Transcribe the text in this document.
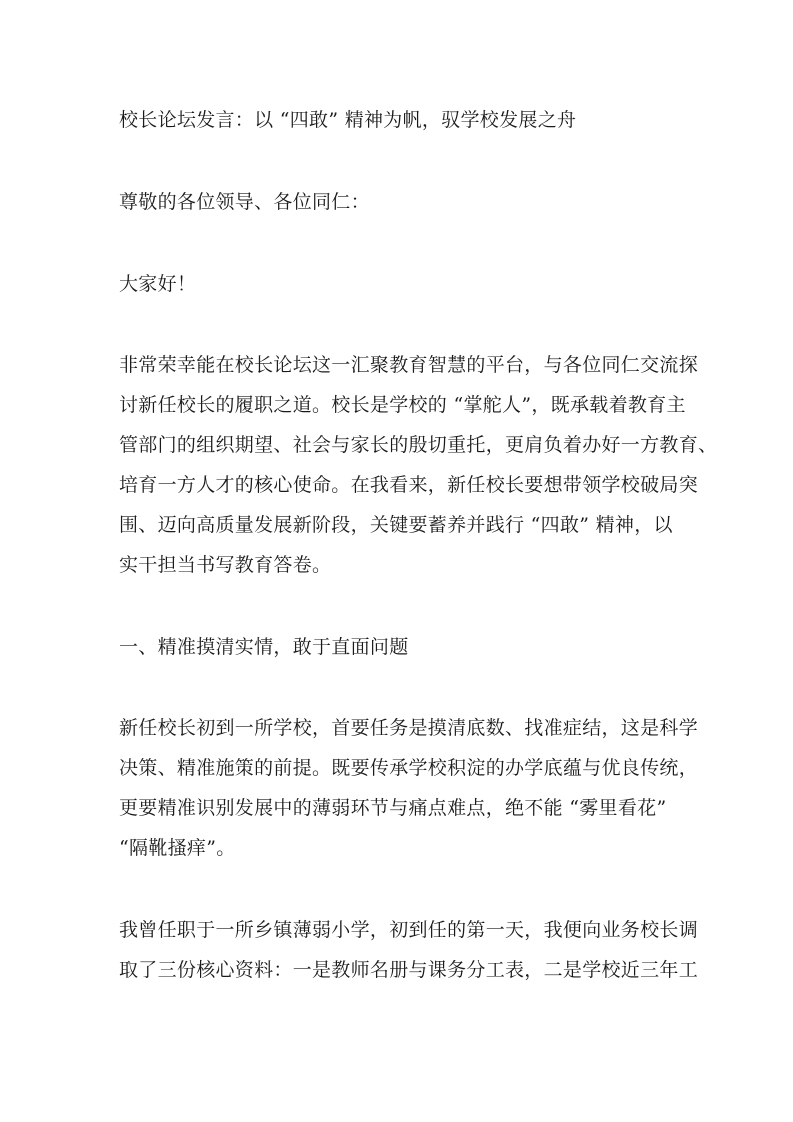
校长论坛发言：以 “四敢” 精神为帆，驭学校发展之舟
尊敬的各位领导、各位同仁：
大家好！
非常荣幸能在校长论坛这一汇聚教育智慧的平台，与各位同仁交流探
讨新任校长的履职之道。校长是学校的 “掌舵人”，既承载着教育主
管部门的组织期望、社会与家长的殷切重托，更肩负着办好一方教育、
培育一方人才的核心使命。在我看来，新任校长要想带领学校破局突
围、迈向高质量发展新阶段，关键要蓄养并践行 “四敢” 精神，以
实干担当书写教育答卷。
一、精准摸清实情，敢于直面问题
新任校长初到一所学校，首要任务是摸清底数、找准症结，这是科学
决策、精准施策的前提。既要传承学校积淀的办学底蕴与优良传统，
更要精准识别发展中的薄弱环节与痛点难点，绝不能 “雾里看花”
“隔靴搔痒”。
我曾任职于一所乡镇薄弱小学，初到任的第一天，我便向业务校长调
取了三份核心资料：一是教师名册与课务分工表，二是学校近三年工
